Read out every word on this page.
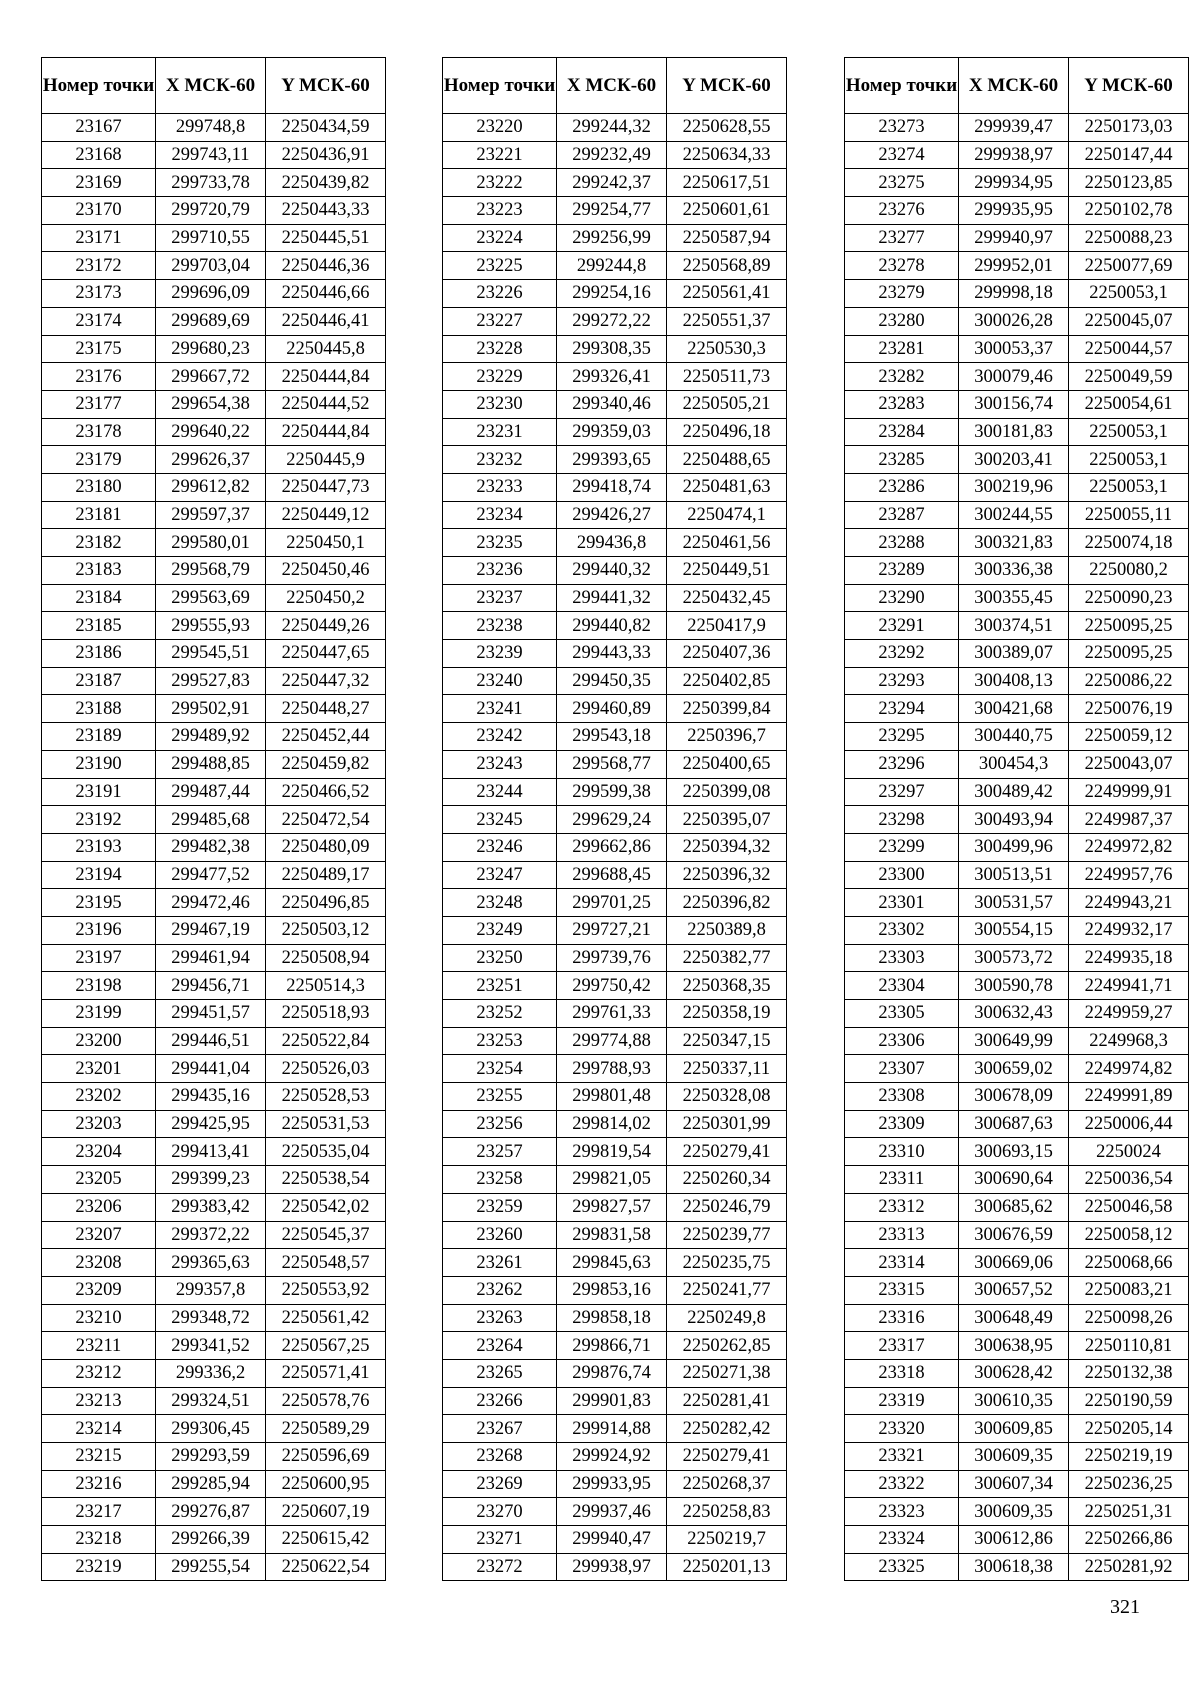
Номер точки	X МСК-60	Y МСК-60
23167	299748,8	2250434,59
23168	299743,11	2250436,91
23169	299733,78	2250439,82
23170	299720,79	2250443,33
23171	299710,55	2250445,51
23172	299703,04	2250446,36
23173	299696,09	2250446,66
23174	299689,69	2250446,41
23175	299680,23	2250445,8
23176	299667,72	2250444,84
23177	299654,38	2250444,52
23178	299640,22	2250444,84
23179	299626,37	2250445,9
23180	299612,82	2250447,73
23181	299597,37	2250449,12
23182	299580,01	2250450,1
23183	299568,79	2250450,46
23184	299563,69	2250450,2
23185	299555,93	2250449,26
23186	299545,51	2250447,65
23187	299527,83	2250447,32
23188	299502,91	2250448,27
23189	299489,92	2250452,44
23190	299488,85	2250459,82
23191	299487,44	2250466,52
23192	299485,68	2250472,54
23193	299482,38	2250480,09
23194	299477,52	2250489,17
23195	299472,46	2250496,85
23196	299467,19	2250503,12
23197	299461,94	2250508,94
23198	299456,71	2250514,3
23199	299451,57	2250518,93
23200	299446,51	2250522,84
23201	299441,04	2250526,03
23202	299435,16	2250528,53
23203	299425,95	2250531,53
23204	299413,41	2250535,04
23205	299399,23	2250538,54
23206	299383,42	2250542,02
23207	299372,22	2250545,37
23208	299365,63	2250548,57
23209	299357,8	2250553,92
23210	299348,72	2250561,42
23211	299341,52	2250567,25
23212	299336,2	2250571,41
23213	299324,51	2250578,76
23214	299306,45	2250589,29
23215	299293,59	2250596,69
23216	299285,94	2250600,95
23217	299276,87	2250607,19
23218	299266,39	2250615,42
23219	299255,54	2250622,54
Номер точки	X МСК-60	Y МСК-60
23220	299244,32	2250628,55
23221	299232,49	2250634,33
23222	299242,37	2250617,51
23223	299254,77	2250601,61
23224	299256,99	2250587,94
23225	299244,8	2250568,89
23226	299254,16	2250561,41
23227	299272,22	2250551,37
23228	299308,35	2250530,3
23229	299326,41	2250511,73
23230	299340,46	2250505,21
23231	299359,03	2250496,18
23232	299393,65	2250488,65
23233	299418,74	2250481,63
23234	299426,27	2250474,1
23235	299436,8	2250461,56
23236	299440,32	2250449,51
23237	299441,32	2250432,45
23238	299440,82	2250417,9
23239	299443,33	2250407,36
23240	299450,35	2250402,85
23241	299460,89	2250399,84
23242	299543,18	2250396,7
23243	299568,77	2250400,65
23244	299599,38	2250399,08
23245	299629,24	2250395,07
23246	299662,86	2250394,32
23247	299688,45	2250396,32
23248	299701,25	2250396,82
23249	299727,21	2250389,8
23250	299739,76	2250382,77
23251	299750,42	2250368,35
23252	299761,33	2250358,19
23253	299774,88	2250347,15
23254	299788,93	2250337,11
23255	299801,48	2250328,08
23256	299814,02	2250301,99
23257	299819,54	2250279,41
23258	299821,05	2250260,34
23259	299827,57	2250246,79
23260	299831,58	2250239,77
23261	299845,63	2250235,75
23262	299853,16	2250241,77
23263	299858,18	2250249,8
23264	299866,71	2250262,85
23265	299876,74	2250271,38
23266	299901,83	2250281,41
23267	299914,88	2250282,42
23268	299924,92	2250279,41
23269	299933,95	2250268,37
23270	299937,46	2250258,83
23271	299940,47	2250219,7
23272	299938,97	2250201,13
Номер точки	X МСК-60	Y МСК-60
23273	299939,47	2250173,03
23274	299938,97	2250147,44
23275	299934,95	2250123,85
23276	299935,95	2250102,78
23277	299940,97	2250088,23
23278	299952,01	2250077,69
23279	299998,18	2250053,1
23280	300026,28	2250045,07
23281	300053,37	2250044,57
23282	300079,46	2250049,59
23283	300156,74	2250054,61
23284	300181,83	2250053,1
23285	300203,41	2250053,1
23286	300219,96	2250053,1
23287	300244,55	2250055,11
23288	300321,83	2250074,18
23289	300336,38	2250080,2
23290	300355,45	2250090,23
23291	300374,51	2250095,25
23292	300389,07	2250095,25
23293	300408,13	2250086,22
23294	300421,68	2250076,19
23295	300440,75	2250059,12
23296	300454,3	2250043,07
23297	300489,42	2249999,91
23298	300493,94	2249987,37
23299	300499,96	2249972,82
23300	300513,51	2249957,76
23301	300531,57	2249943,21
23302	300554,15	2249932,17
23303	300573,72	2249935,18
23304	300590,78	2249941,71
23305	300632,43	2249959,27
23306	300649,99	2249968,3
23307	300659,02	2249974,82
23308	300678,09	2249991,89
23309	300687,63	2250006,44
23310	300693,15	2250024
23311	300690,64	2250036,54
23312	300685,62	2250046,58
23313	300676,59	2250058,12
23314	300669,06	2250068,66
23315	300657,52	2250083,21
23316	300648,49	2250098,26
23317	300638,95	2250110,81
23318	300628,42	2250132,38
23319	300610,35	2250190,59
23320	300609,85	2250205,14
23321	300609,35	2250219,19
23322	300607,34	2250236,25
23323	300609,35	2250251,31
23324	300612,86	2250266,86
23325	300618,38	2250281,92
321
